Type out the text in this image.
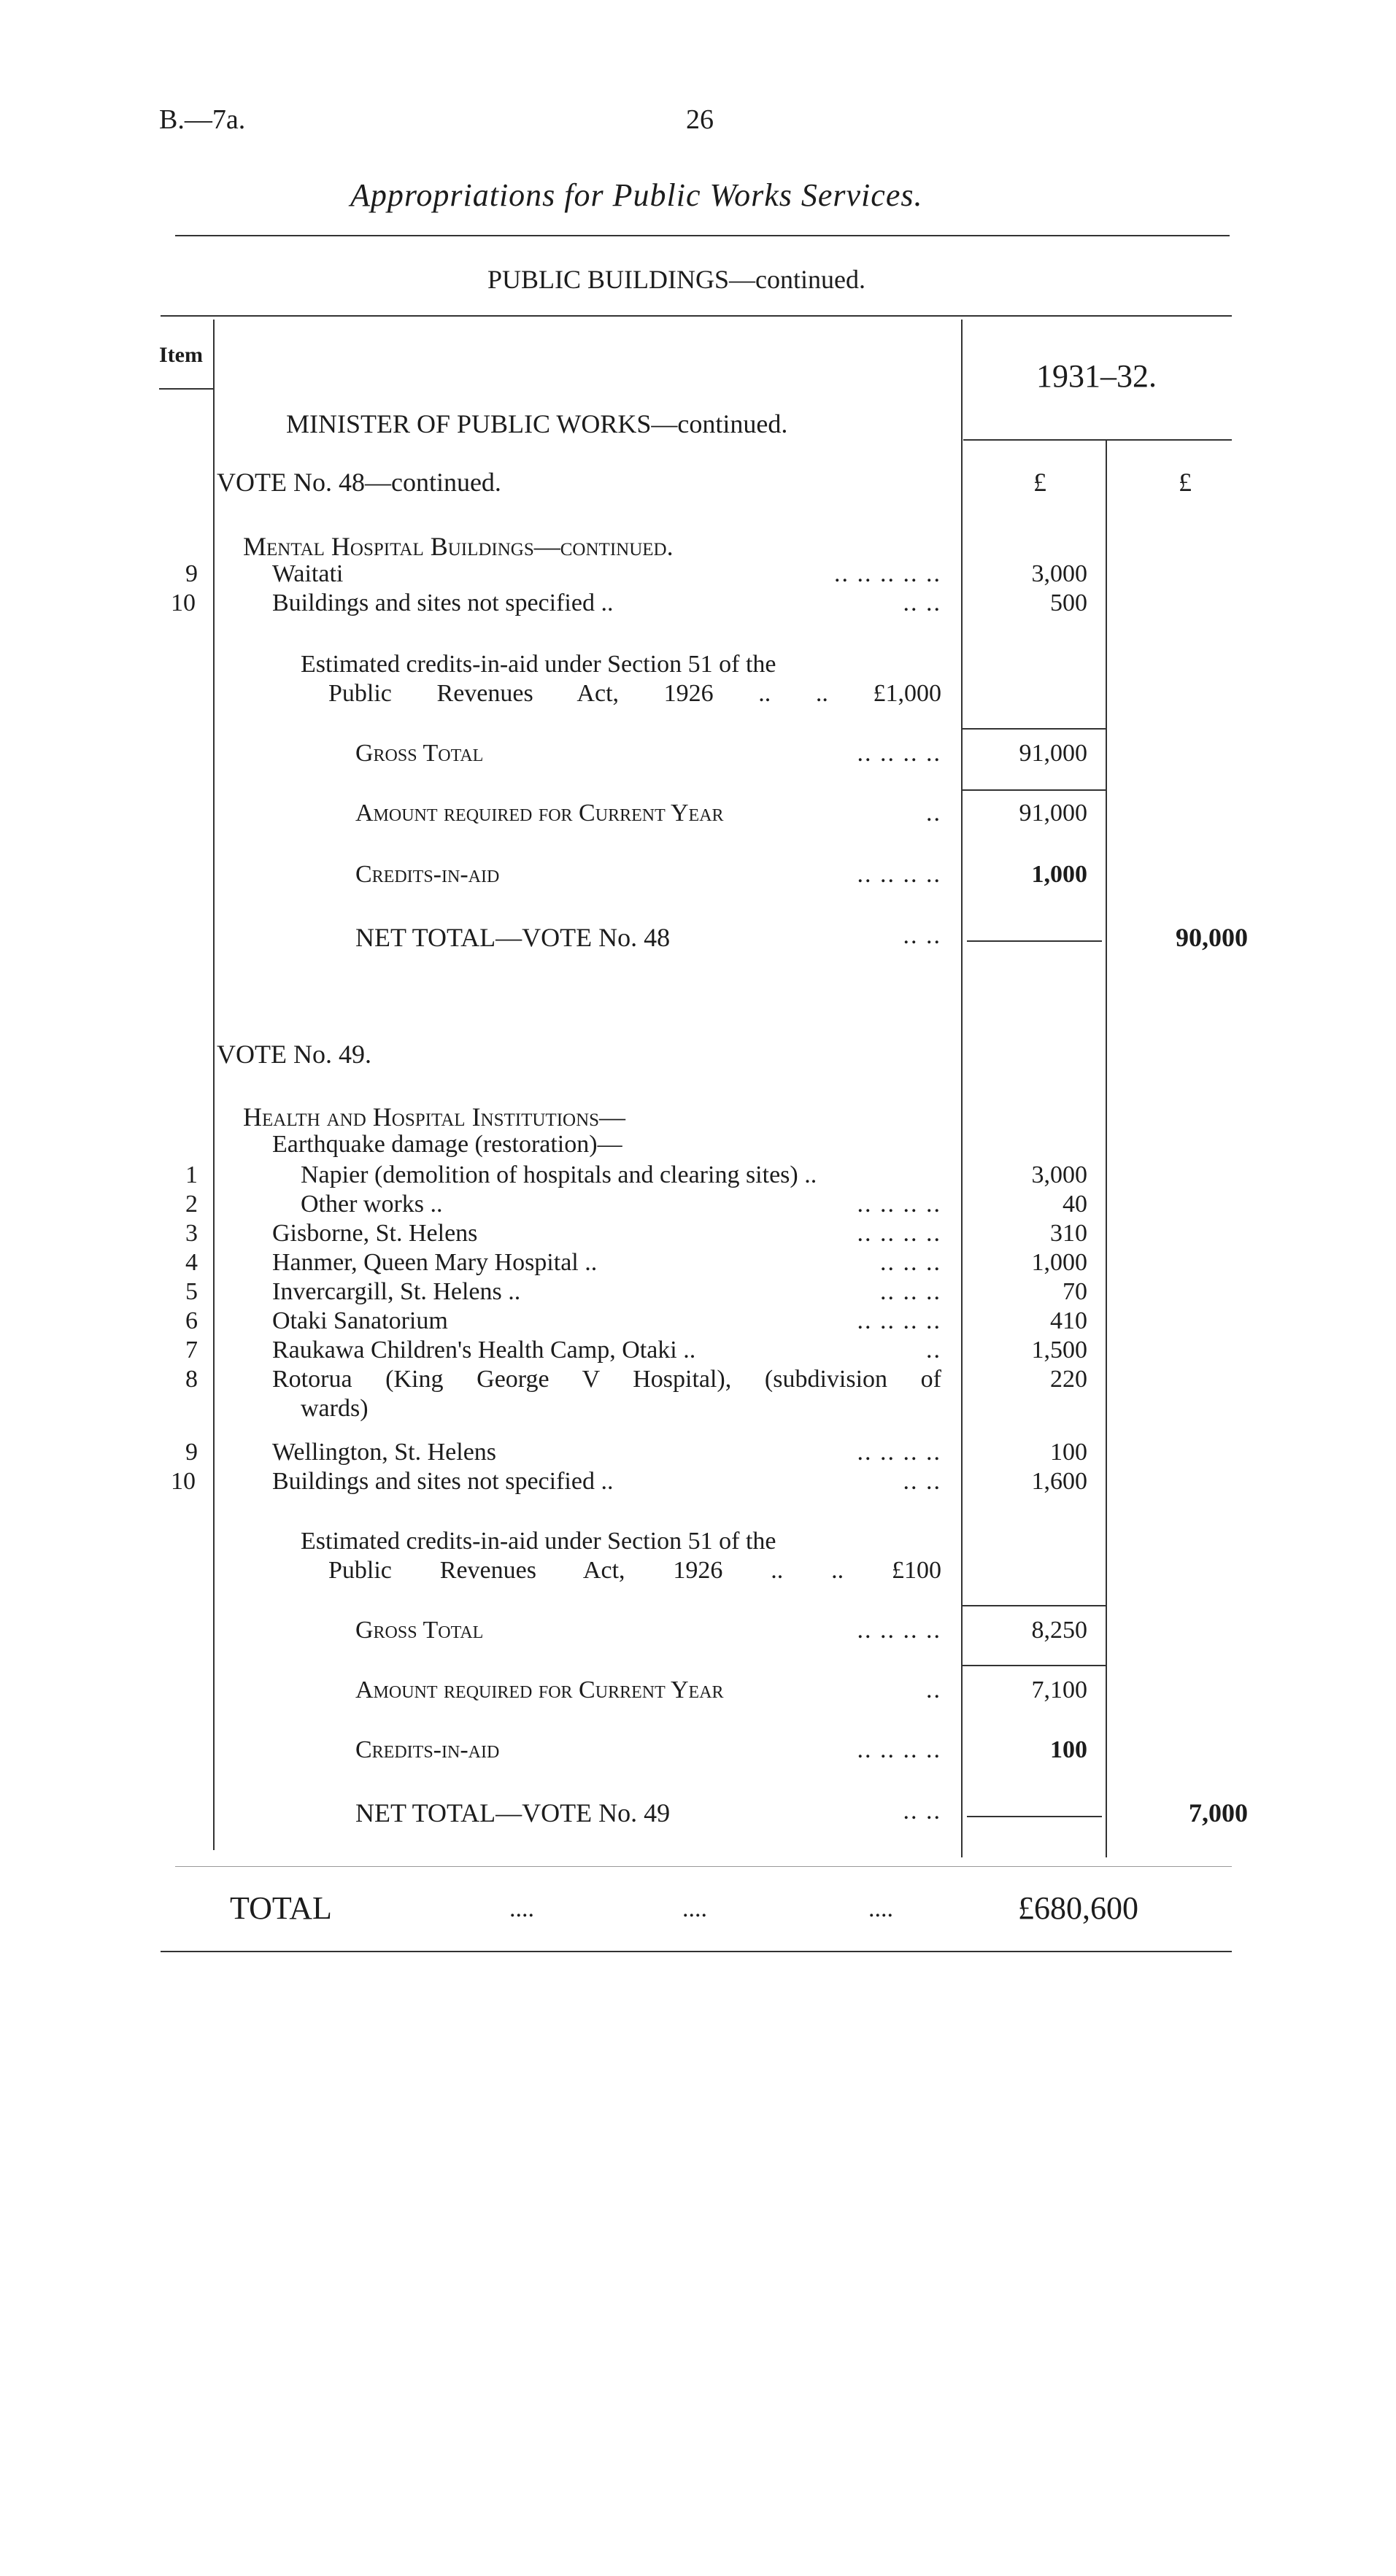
B.—7a.	26
Appropriations for Public Works Services.
PUBLIC BUILDINGS—continued.
Item
1931–32.
MINISTER OF PUBLIC WORKS—continued.
VOTE No. 48—continued.	£	£
Mental Hospital Buildings—continued.
9	Waitati	.. .. .. .. ..	3,000
10	Buildings and sites not specified ..	.. ..	500
Estimated credits-in-aid under Section 51 of the
Public Revenues Act, 1926 .. .. £1,000
Gross Total	.. .. .. ..	91,000
Amount required for Current Year	..	91,000
Credits-in-aid	.. .. .. ..	1,000
NET TOTAL—VOTE No. 48	.. ..	90,000
VOTE No. 49.
Health and Hospital Institutions—
Earthquake damage (restoration)—
1	Napier (demolition of hospitals and clearing sites) ..	3,000
2	Other works ..	.. .. .. ..	40
3	Gisborne, St. Helens	.. .. .. ..	310
4	Hanmer, Queen Mary Hospital ..	.. .. ..	1,000
5	Invercargill, St. Helens ..	.. .. ..	70
6	Otaki Sanatorium	.. .. .. ..	410
7	Raukawa Children's Health Camp, Otaki ..	..	1,500
8	Rotorua (King George V Hospital), (subdivision of	220
wards)
9	Wellington, St. Helens	.. .. .. ..	100
10	Buildings and sites not specified ..	.. ..	1,600
Estimated credits-in-aid under Section 51 of the
Public Revenues Act, 1926 .. .. £100
Gross Total	.. .. .. ..	8,250
Amount required for Current Year	..	7,100
Credits-in-aid	.. .. .. ..	100
NET TOTAL—VOTE No. 49	.. ..	7,000
TOTAL	....	....	....	£680,600
